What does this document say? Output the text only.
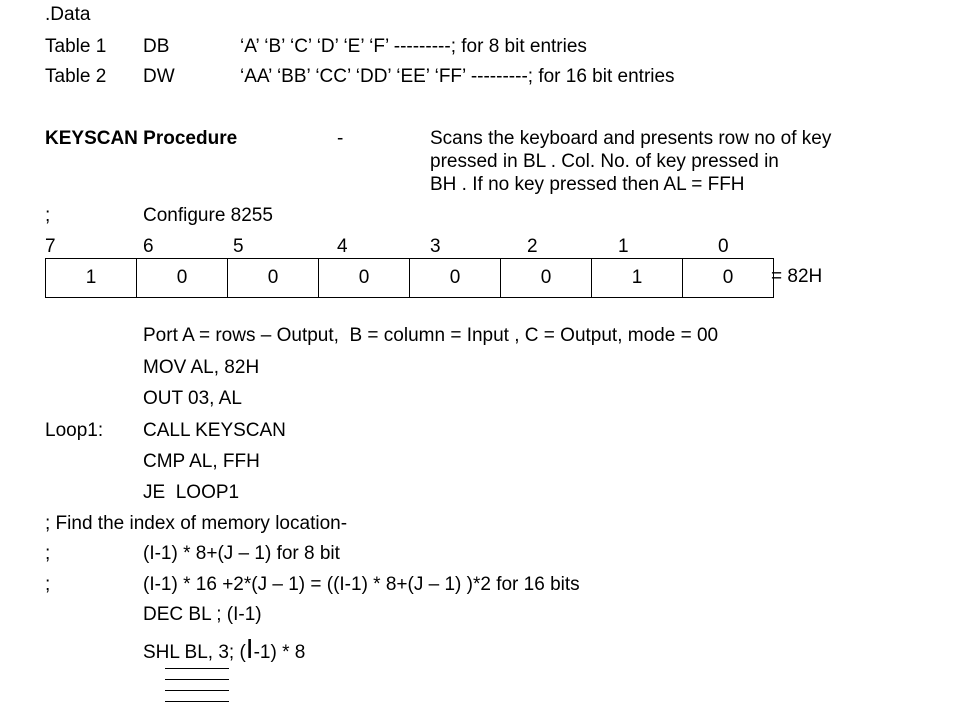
.Data
Table 1 DB	‘A’ ‘B’ ‘C’ ‘D’ ‘E’ ‘F’ ---------; for 8 bit entries
Table 2 DW	‘AA’ ‘BB’ ‘CC’ ‘DD’ ‘EE’ ‘FF’ ---------; for 16 bit entries
KEYSCAN Procedure	-	Scans the keyboard and presents row no of key
pressed in BL . Col. No. of key pressed in
BH . If no key pressed then AL = FFH
;	Configure 8255
7	6	5	4	3	2	1	0
1	0	0	0	0	0	1	0 = 82H
Port A = rows – Output,  B = column = Input , C = Output, mode = 00
MOV AL, 82H
OUT 03, AL
Loop1: CALL KEYSCAN
CMP AL, FFH
JE  LOOP1
; Find the index of memory location-
;	(I-1) * 8+(J – 1) for 8 bit
;	(I-1) * 16 +2*(J – 1) = ((I-1) * 8+(J – 1) )*2 for 16 bits
DEC BL ; (I-1)
SHL BL, 3; (I-1) * 8
